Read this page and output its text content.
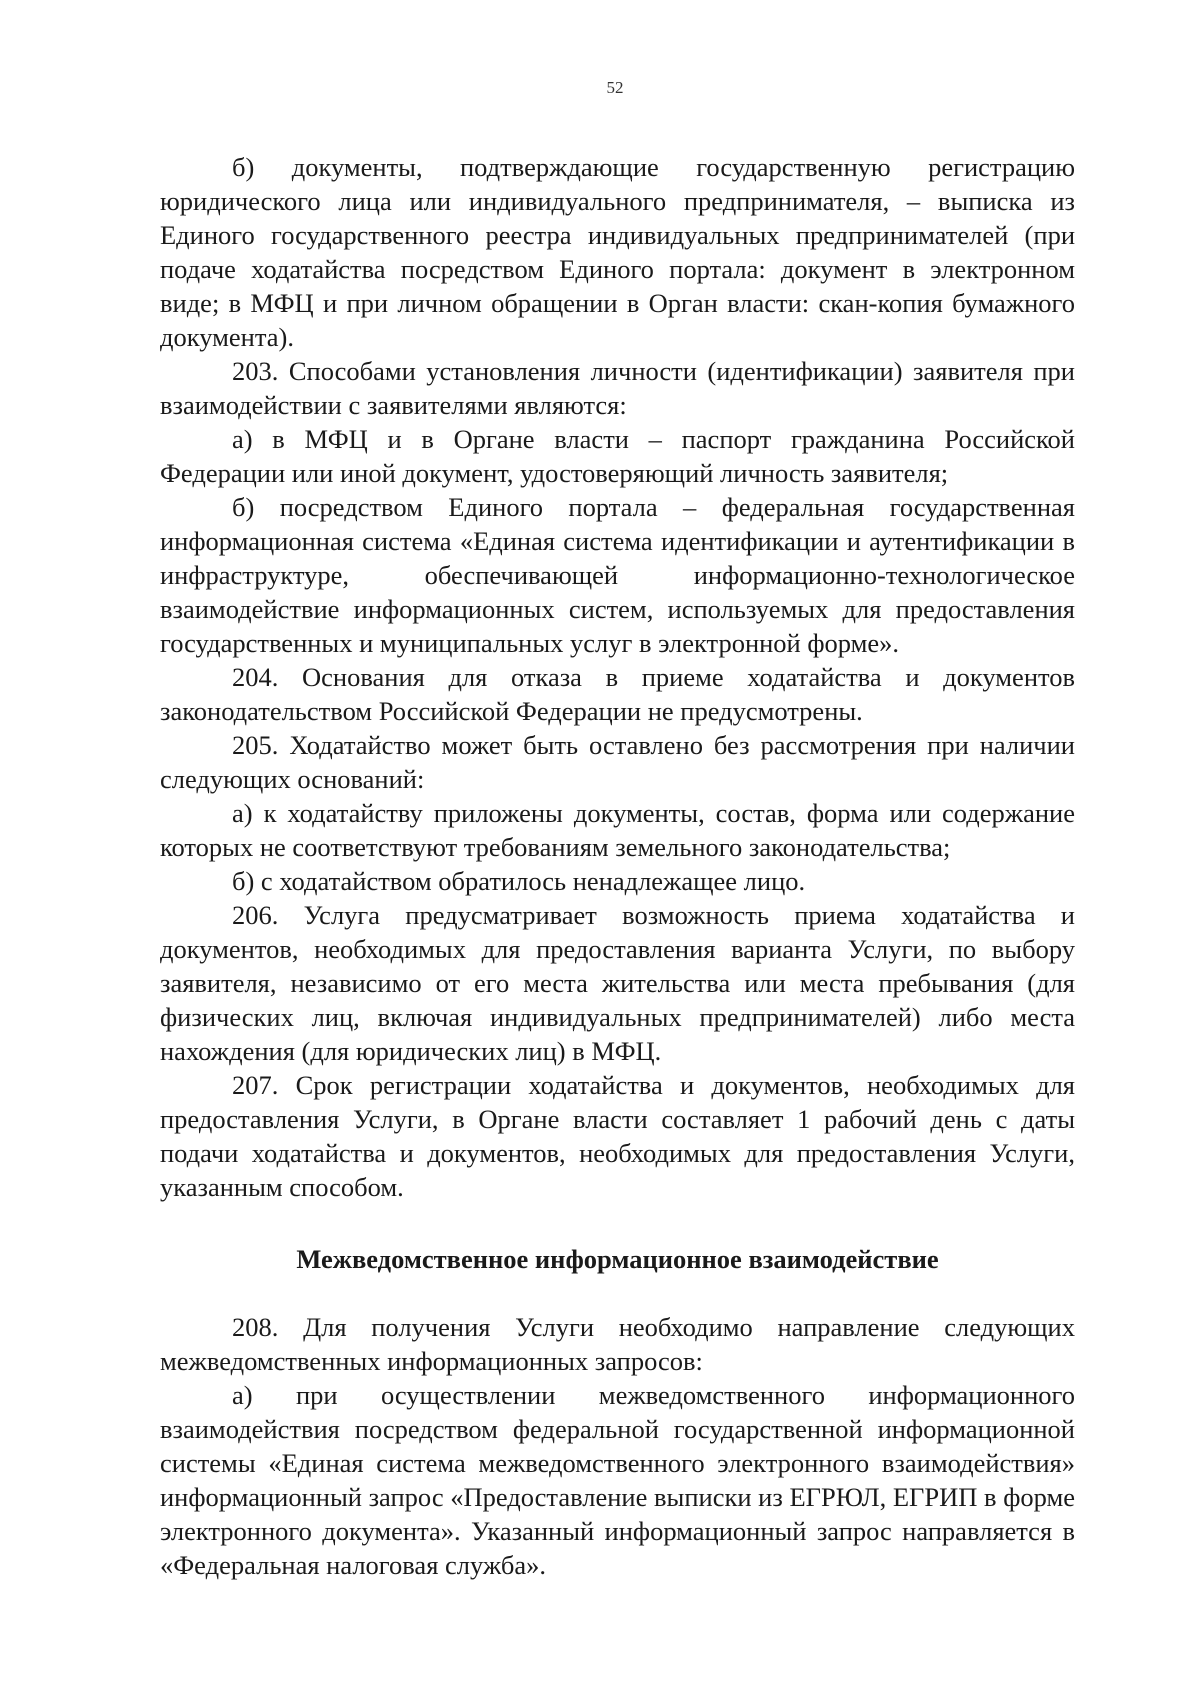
52

б) документы, подтверждающие государственную регистрацию юридического лица или индивидуального предпринимателя, – выписка из Единого государственного реестра индивидуальных предпринимателей (при подаче ходатайства посредством Единого портала: документ в электронном виде; в МФЦ и при личном обращении в Орган власти: скан-копия бумажного документа).

203. Способами установления личности (идентификации) заявителя при взаимодействии с заявителями являются:

а) в МФЦ и в Органе власти – паспорт гражданина Российской Федерации или иной документ, удостоверяющий личность заявителя;

б) посредством Единого портала – федеральная государственная информационная система «Единая система идентификации и аутентификации в инфраструктуре, обеспечивающей информационно-технологическое взаимодействие информационных систем, используемых для предоставления государственных и муниципальных услуг в электронной форме».

204. Основания для отказа в приеме ходатайства и документов законодательством Российской Федерации не предусмотрены.

205. Ходатайство может быть оставлено без рассмотрения при наличии следующих оснований:

а) к ходатайству приложены документы, состав, форма или содержание которых не соответствуют требованиям земельного законодательства;

б) с ходатайством обратилось ненадлежащее лицо.

206. Услуга предусматривает возможность приема ходатайства и документов, необходимых для предоставления варианта Услуги, по выбору заявителя, независимо от его места жительства или места пребывания (для физических лиц, включая индивидуальных предпринимателей) либо места нахождения (для юридических лиц) в МФЦ.

207. Срок регистрации ходатайства и документов, необходимых для предоставления Услуги, в Органе власти составляет 1 рабочий день с даты подачи ходатайства и документов, необходимых для предоставления Услуги, указанным способом.

Межведомственное информационное взаимодействие

208. Для получения Услуги необходимо направление следующих межведомственных информационных запросов:

а) при осуществлении межведомственного информационного взаимодействия посредством федеральной государственной информационной системы «Единая система межведомственного электронного взаимодействия» информационный запрос «Предоставление выписки из ЕГРЮЛ, ЕГРИП в форме электронного документа». Указанный информационный запрос направляется в «Федеральная налоговая служба».
